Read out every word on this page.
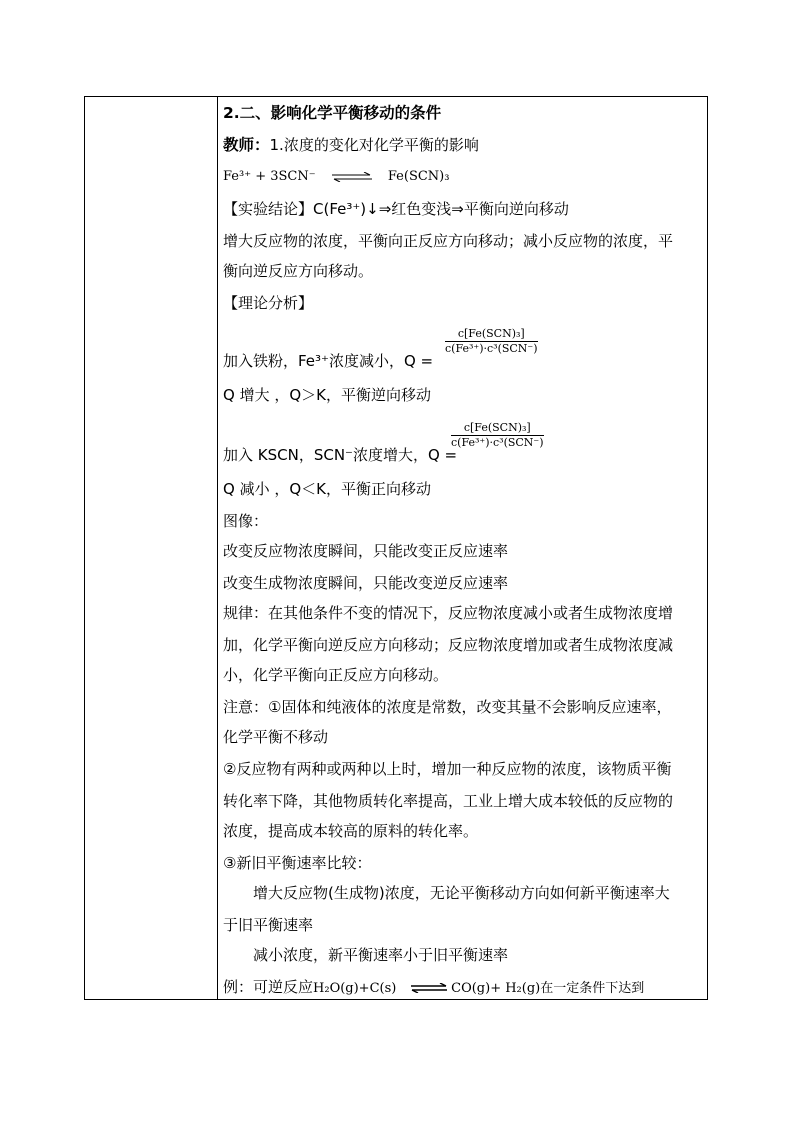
2.二、影响化学平衡移动的条件
教师：1.浓度的变化对化学平衡的影响
Fe³⁺ + 3SCN⁻ ⇌ Fe(SCN)₃
【实验结论】C(Fe³⁺)↓⇒红色变浅⇒平衡向逆向移动
增大反应物的浓度，平衡向正反应方向移动；减小反应物的浓度，平
衡向逆反应方向移动。
【理论分析】
加入铁粉，Fe³⁺浓度减小，Q =
c[Fe(SCN)₃]
c(Fe³⁺)·c³(SCN⁻)
Q 增大 ，Q＞K，平衡逆向移动
加入 KSCN，SCN⁻浓度增大，Q =
c[Fe(SCN)₃]
c(Fe³⁺)·c³(SCN⁻)
Q 减小 ，Q＜K，平衡正向移动
图像：
改变反应物浓度瞬间，只能改变正反应速率
改变生成物浓度瞬间，只能改变逆反应速率
规律：在其他条件不变的情况下，反应物浓度减小或者生成物浓度增
加，化学平衡向逆反应方向移动；反应物浓度增加或者生成物浓度减
小，化学平衡向正反应方向移动。
注意：①固体和纯液体的浓度是常数，改变其量不会影响反应速率，
化学平衡不移动
②反应物有两种或两种以上时，增加一种反应物的浓度，该物质平衡
转化率下降，其他物质转化率提高，工业上增大成本较低的反应物的
浓度，提高成本较高的原料的转化率。
③新旧平衡速率比较：
增大反应物(生成物)浓度，无论平衡移动方向如何新平衡速率大
于旧平衡速率
减小浓度，新平衡速率小于旧平衡速率
例：可逆反应H₂O(g)+C(s) ⇌ CO(g)+ H₂(g)在一定条件下达到
